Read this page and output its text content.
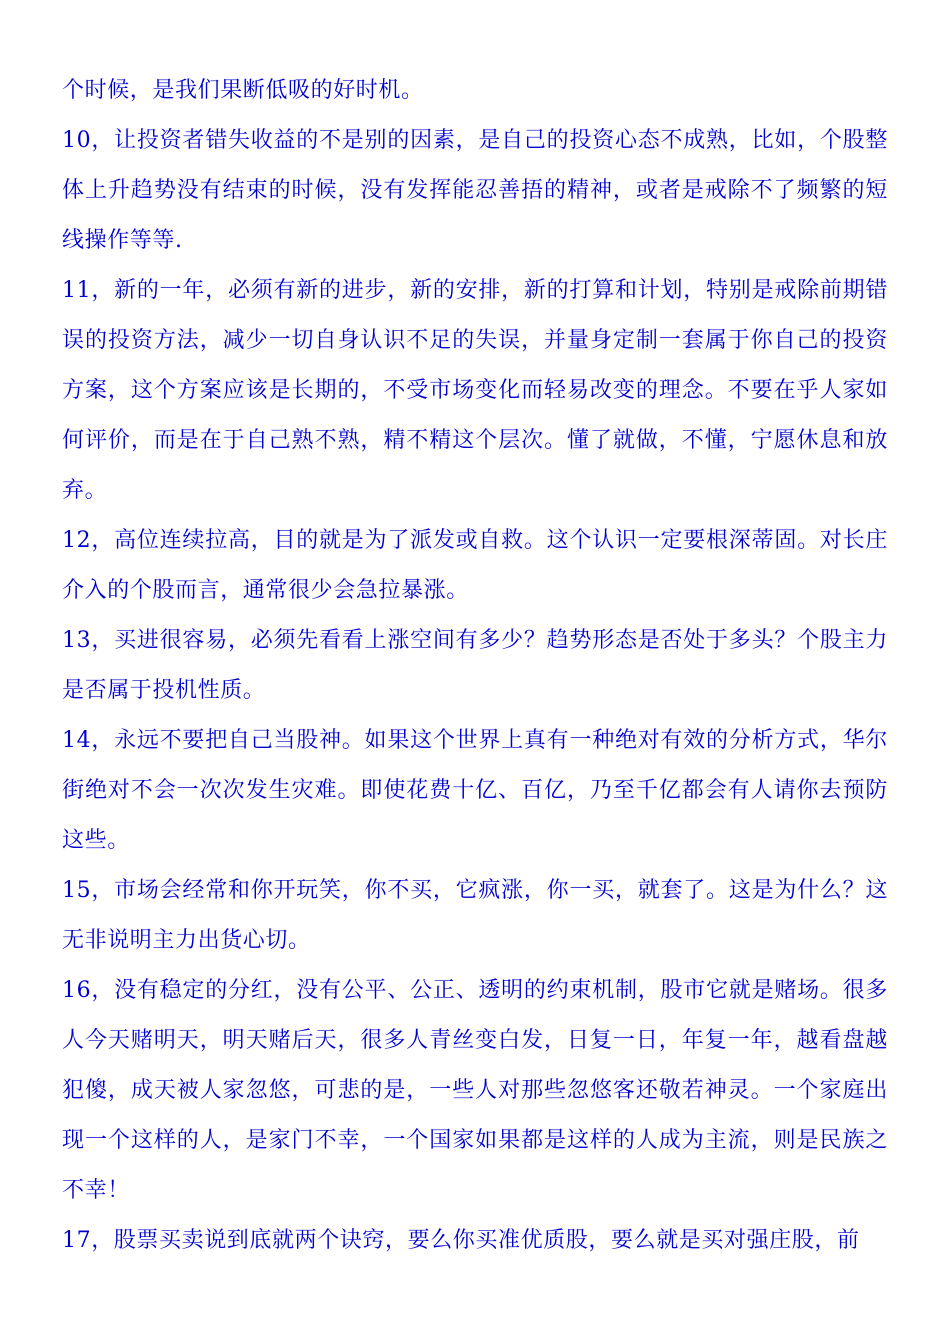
个时候，是我们果断低吸的好时机。

10，让投资者错失收益的不是别的因素，是自己的投资心态不成熟，比如，个股整体上升趋势没有结束的时候，没有发挥能忍善捂的精神，或者是戒除不了频繁的短线操作等等.

11，新的一年，必须有新的进步，新的安排，新的打算和计划，特别是戒除前期错误的投资方法，减少一切自身认识不足的失误，并量身定制一套属于你自己的投资方案，这个方案应该是长期的，不受市场变化而轻易改变的理念。不要在乎人家如何评价，而是在于自己熟不熟，精不精这个层次。懂了就做，不懂，宁愿休息和放弃。

12，高位连续拉高，目的就是为了派发或自救。这个认识一定要根深蒂固。对长庄介入的个股而言，通常很少会急拉暴涨。

13，买进很容易，必须先看看上涨空间有多少？趋势形态是否处于多头？个股主力是否属于投机性质。

14，永远不要把自己当股神。如果这个世界上真有一种绝对有效的分析方式，华尔街绝对不会一次次发生灾难。即使花费十亿、百亿，乃至千亿都会有人请你去预防这些。

15，市场会经常和你开玩笑，你不买，它疯涨，你一买，就套了。这是为什么？这无非说明主力出货心切。

16，没有稳定的分红，没有公平、公正、透明的约束机制，股市它就是赌场。很多人今天赌明天，明天赌后天，很多人青丝变白发，日复一日，年复一年，越看盘越犯傻，成天被人家忽悠，可悲的是，一些人对那些忽悠客还敬若神灵。一个家庭出现一个这样的人，是家门不幸，一个国家如果都是这样的人成为主流，则是民族之不幸！

17，股票买卖说到底就两个诀窍，要么你买准优质股，要么就是买对强庄股，前
